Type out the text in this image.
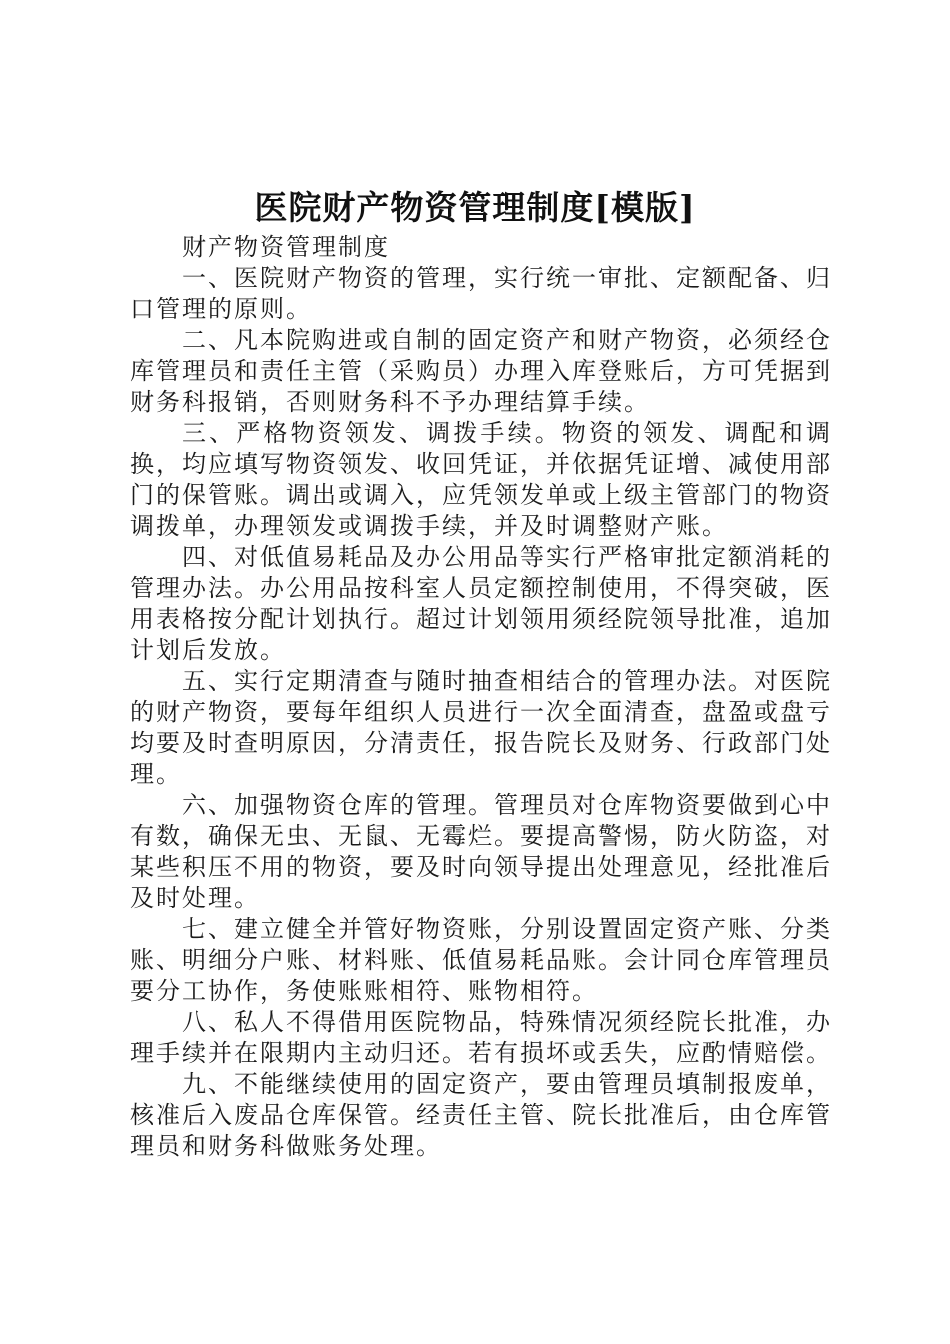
医院财产物资管理制度[模版]

财产物资管理制度

一、医院财产物资的管理，实行统一审批、定额配备、归口管理的原则。

二、凡本院购进或自制的固定资产和财产物资，必须经仓库管理员和责任主管（采购员）办理入库登账后，方可凭据到财务科报销，否则财务科不予办理结算手续。

三、严格物资领发、调拨手续。物资的领发、调配和调换，均应填写物资领发、收回凭证，并依据凭证增、减使用部门的保管账。调出或调入，应凭领发单或上级主管部门的物资调拨单，办理领发或调拨手续，并及时调整财产账。

四、对低值易耗品及办公用品等实行严格审批定额消耗的管理办法。办公用品按科室人员定额控制使用，不得突破，医用表格按分配计划执行。超过计划领用须经院领导批准，追加计划后发放。

五、实行定期清查与随时抽查相结合的管理办法。对医院的财产物资，要每年组织人员进行一次全面清查，盘盈或盘亏均要及时查明原因，分清责任，报告院长及财务、行政部门处理。

六、加强物资仓库的管理。管理员对仓库物资要做到心中有数，确保无虫、无鼠、无霉烂。要提高警惕，防火防盗，对某些积压不用的物资，要及时向领导提出处理意见，经批准后及时处理。

七、建立健全并管好物资账，分别设置固定资产账、分类账、明细分户账、材料账、低值易耗品账。会计同仓库管理员要分工协作，务使账账相符、账物相符。

八、私人不得借用医院物品，特殊情况须经院长批准，办理手续并在限期内主动归还。若有损坏或丢失，应酌情赔偿。

九、不能继续使用的固定资产，要由管理员填制报废单，核准后入废品仓库保管。经责任主管、院长批准后，由仓库管理员和财务科做账务处理。
